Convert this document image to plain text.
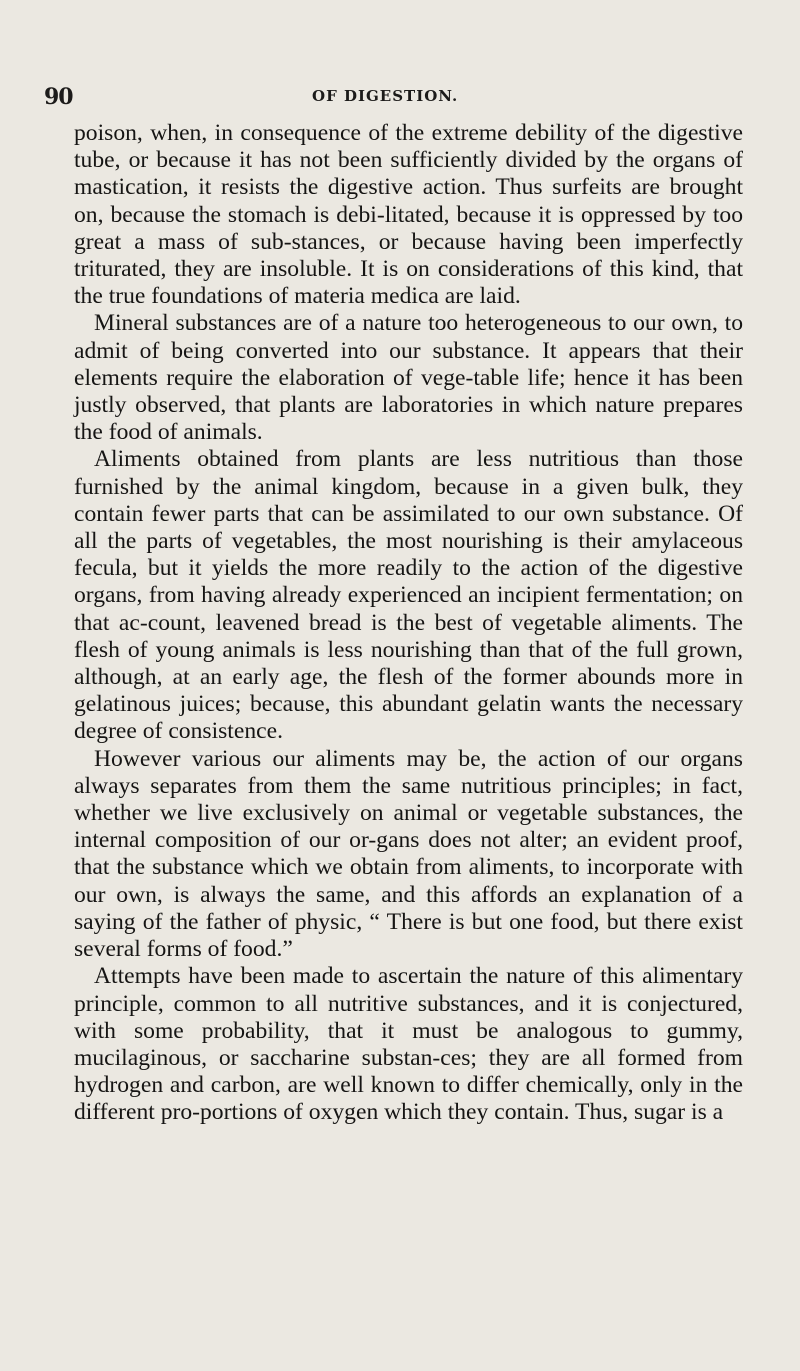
90	OF DIGESTION.

poison, when, in consequence of the extreme debility of the digestive tube, or because it has not been sufficiently divided by the organs of mastication, it resists the digestive action. Thus surfeits are brought on, because the stomach is debi-litated, because it is oppressed by too great a mass of sub-stances, or because having been imperfectly triturated, they are insoluble. It is on considerations of this kind, that the true foundations of materia medica are laid.

Mineral substances are of a nature too heterogeneous to our own, to admit of being converted into our substance. It appears that their elements require the elaboration of vege-table life; hence it has been justly observed, that plants are laboratories in which nature prepares the food of animals.

Aliments obtained from plants are less nutritious than those furnished by the animal kingdom, because in a given bulk, they contain fewer parts that can be assimilated to our own substance. Of all the parts of vegetables, the most nourishing is their amylaceous fecula, but it yields the more readily to the action of the digestive organs, from having already experienced an incipient fermentation; on that ac-count, leavened bread is the best of vegetable aliments. The flesh of young animals is less nourishing than that of the full grown, although, at an early age, the flesh of the former abounds more in gelatinous juices; because, this abundant gelatin wants the necessary degree of consistence.

However various our aliments may be, the action of our organs always separates from them the same nutritious principles; in fact, whether we live exclusively on animal or vegetable substances, the internal composition of our or-gans does not alter; an evident proof, that the substance which we obtain from aliments, to incorporate with our own, is always the same, and this affords an explanation of a saying of the father of physic, “ There is but one food, but there exist several forms of food.”

Attempts have been made to ascertain the nature of this alimentary principle, common to all nutritive substances, and it is conjectured, with some probability, that it must be analogous to gummy, mucilaginous, or saccharine substan-ces; they are all formed from hydrogen and carbon, are well known to differ chemically, only in the different pro-portions of oxygen which they contain. Thus, sugar is a
